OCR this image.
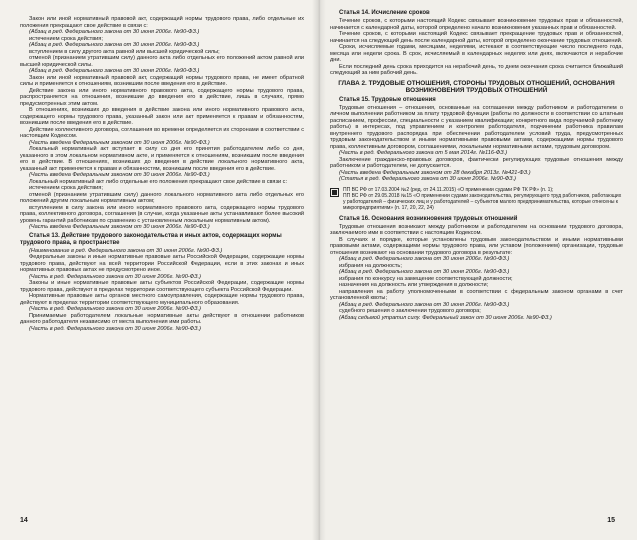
Закон или иной нормативный правовой акт, содержащий нормы трудового права, либо отдельные их положения прекращают свое действие в связи с:

(Абзац в ред. Федерального закона от 30 июня 2006г. №90-ФЗ.)

истечением срока действия;

(Абзац в ред. Федерального закона от 30 июня 2006г. №90-ФЗ.)

вступлением в силу другого акта равной или высшей юридической силы;

отменой (признанием утратившим силу) данного акта либо отдельных его положений актом равной или высшей юридической силы.

(Абзац в ред. Федерального закона от 30 июня 2006г. №90-ФЗ.)

Закон или иной нормативный правовой акт, содержащий нормы трудового права, не имеет обратной силы и применяется к отношениям, возникшим после введения его в действие.

Действие закона или иного нормативного правового акта, содержащего нормы трудового права, распространяется на отношения, возникшие до введения его в действие, лишь в случаях, прямо предусмотренных этим актом.

В отношениях, возникших до введения в действие закона или иного нормативного правового акта, содержащего нормы трудового права, указанный закон или акт применяется к правам и обязанностям, возникшим после введения его в действие.

Действие коллективного договора, соглашения во времени определяется их сторонами в соответствии с настоящим Кодексом.

(Часть введена Федеральным законом от 30 июня 2006г. №90-ФЗ.)

Локальный нормативный акт вступает в силу со дня его принятия работодателем либо со дня, указанного в этом локальном нормативном акте, и применяется к отношениям, возникшим после введения его в действие. В отношениях, возникших до введения в действие локального нормативного акта, указанный акт применяется к правам и обязанностям, возникшим после введения его в действие.

(Часть введена Федеральным законом от 30 июня 2006г. №90-ФЗ.)

Локальный нормативный акт либо отдельные его положения прекращают свое действие в связи с:

истечением срока действия;

отменой (признанием утратившим силу) данного локального нормативного акта либо отдельных его положений другим локальным нормативным актом;

вступлением в силу закона или иного нормативного правового акта, содержащего нормы трудового права, коллективного договора, соглашения (в случае, когда указанные акты устанавливают более высокий уровень гарантий работникам по сравнению с установленным локальным нормативным актом).

(Часть введена Федеральным законом от 30 июня 2006г. №90-ФЗ.)

Статья 13. Действие трудового законодательства и иных актов, содержащих нормы трудового права, в пространстве

(Наименование в ред. Федерального закона от 30 июня 2006г. №90-ФЗ.)

Федеральные законы и иные нормативные правовые акты Российской Федерации, содержащие нормы трудового права, действуют на всей территории Российской Федерации, если в этих законах и иных нормативных правовых актах не предусмотрено иное.

(Часть в ред. Федерального закона от 30 июня 2006г. №90-ФЗ.)

Законы и иные нормативные правовые акты субъектов Российской Федерации, содержащие нормы трудового права, действуют в пределах территории соответствующего субъекта Российской Федерации.

Нормативные правовые акты органов местного самоуправления, содержащие нормы трудового права, действуют в пределах территории соответствующего муниципального образования.

(Часть в ред. Федерального закона от 30 июня 2006г. №90-ФЗ.)

Принимаемые работодателем локальные нормативные акты действуют в отношении работников данного работодателя независимо от места выполнения ими работы.

(Часть в ред. Федерального закона от 30 июня 2006г. №90-ФЗ.)

14
Статья 14. Исчисление сроков

Течение сроков, с которыми настоящий Кодекс связывает возникновение трудовых прав и обязанностей, начинается с календарной даты, которой определено начало возникновения указанных прав и обязанностей.

Течение сроков, с которыми настоящий Кодекс связывает прекращение трудовых прав и обязанностей, начинается на следующий день после календарной даты, которой определено окончание трудовых отношений.

Сроки, исчисляемые годами, месяцами, неделями, истекают в соответствующие число последнего года, месяца или недели срока. В срок, исчисляемый в календарных неделях или днях, включаются и нерабочие дни.

Если последний день срока приходится на нерабочий день, то днем окончания срока считается ближайший следующий за ним рабочий день.

ГЛАВА 2. ТРУДОВЫЕ ОТНОШЕНИЯ, СТОРОНЫ ТРУДОВЫХ ОТНОШЕНИЙ, ОСНОВАНИЯ ВОЗНИКНОВЕНИЯ ТРУДОВЫХ ОТНОШЕНИЙ
Статья 15. Трудовые отношения

Трудовые отношения – отношения, основанные на соглашении между работником и работодателем о личном выполнении работником за плату трудовой функции (работы по должности в соответствии со штатным расписанием, профессии, специальности с указанием квалификации; конкретного вида поручаемой работнику работы) в интересах, под управлением и контролем работодателя, подчинении работника правилам внутреннего трудового распорядка при обеспечении работодателем условий труда, предусмотренных трудовым законодательством и иными нормативными правовыми актами, содержащими нормы трудового права, коллективным договором, соглашениями, локальными нормативными актами, трудовым договором.

(Часть в ред. Федерального закона от 5 мая 2014г. №116-ФЗ.)

Заключение гражданско-правовых договоров, фактически регулирующих трудовые отношения между работником и работодателем, не допускается.

(Часть введена Федеральным законом от 28 декабря 2013г. №421-ФЗ.)

(Статья в ред. Федерального закона от 30 июня 2006г. №90-ФЗ.)

ПП ВС РФ от 17.03.2004 №2 (ред. от 24.11.2015) «О применении судами РФ ТК РФ» (п. 1);

ПП ВС РФ от 29.05.2018 №15 «О применении судами законодательства, регулирующего труд работников, работающих у работодателей – физических лиц и у работодателей – субъектов малого предпринимательства, которые отнесены к микропредприятиям» (п. 17, 20, 22, 24)

Статья 16. Основания возникновения трудовых отношений

Трудовые отношения возникают между работником и работодателем на основании трудового договора, заключаемого ими в соответствии с настоящим Кодексом.

В случаях и порядке, которые установлены трудовым законодательством и иными нормативными правовыми актами, содержащими нормы трудового права, или уставом (положением) организации, трудовые отношения возникают на основании трудового договора в результате:

(Абзац в ред. Федерального закона от 30 июня 2006г. №90-ФЗ.)

избрания на должность;

(Абзац в ред. Федерального закона от 30 июня 2006г. №90-ФЗ.)

избрания по конкурсу на замещение соответствующей должности;

назначения на должность или утверждения в должности;

направления на работу уполномоченными в соответствии с федеральным законом органами в счет установленной квоты;

(Абзац в ред. Федерального закона от 30 июня 2006г. №90-ФЗ.)

судебного решения о заключении трудового договора;

(Абзац седьмой утратил силу. Федеральный закон от 30 июня 2006г. №90-ФЗ.)

15
